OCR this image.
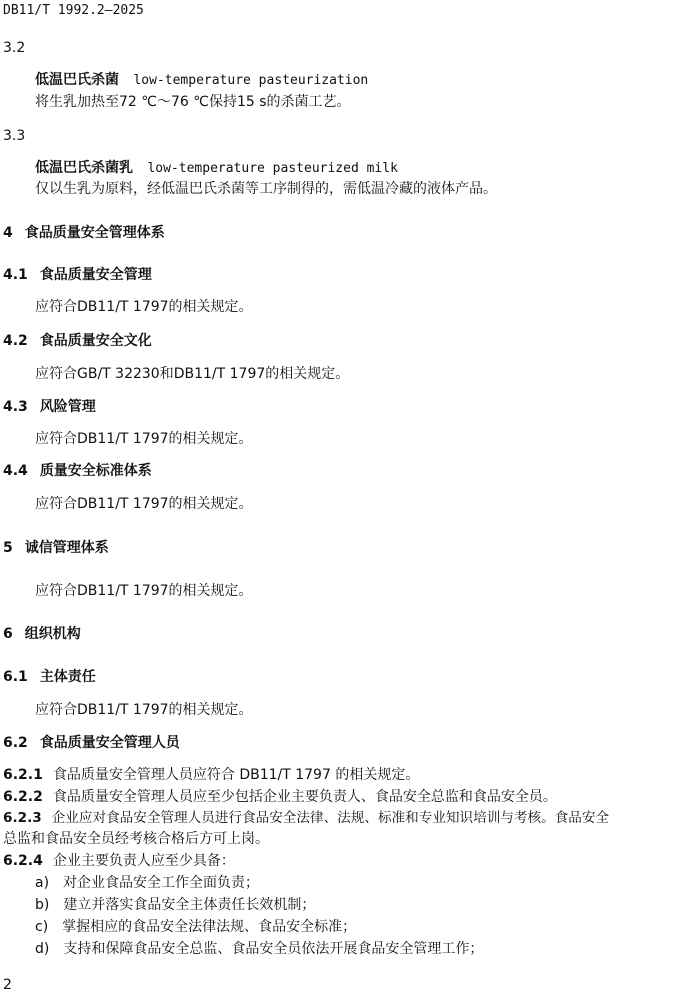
DB11/T 1992.2—2025
3.2
低温巴氏杀菌 low-temperature pasteurization
将生乳加热至72 ℃～76 ℃保持15 s的杀菌工艺。
3.3
低温巴氏杀菌乳 low-temperature pasteurized milk
仅以生乳为原料，经低温巴氏杀菌等工序制得的，需低温冷藏的液体产品。
4 食品质量安全管理体系
4.1 食品质量安全管理
应符合DB11/T 1797的相关规定。
4.2 食品质量安全文化
应符合GB/T 32230和DB11/T 1797的相关规定。
4.3 风险管理
应符合DB11/T 1797的相关规定。
4.4 质量安全标准体系
应符合DB11/T 1797的相关规定。
5 诚信管理体系
应符合DB11/T 1797的相关规定。
6 组织机构
6.1 主体责任
应符合DB11/T 1797的相关规定。
6.2 食品质量安全管理人员
6.2.1 食品质量安全管理人员应符合 DB11/T 1797 的相关规定。
6.2.2 食品质量安全管理人员应至少包括企业主要负责人、食品安全总监和食品安全员。
6.2.3 企业应对食品安全管理人员进行食品安全法律、法规、标准和专业知识培训与考核。食品安全
总监和食品安全员经考核合格后方可上岗。
6.2.4 企业主要负责人应至少具备：
a) 对企业食品安全工作全面负责；
b) 建立并落实食品安全主体责任长效机制；
c) 掌握相应的食品安全法律法规、食品安全标准；
d) 支持和保障食品安全总监、食品安全员依法开展食品安全管理工作；
2
